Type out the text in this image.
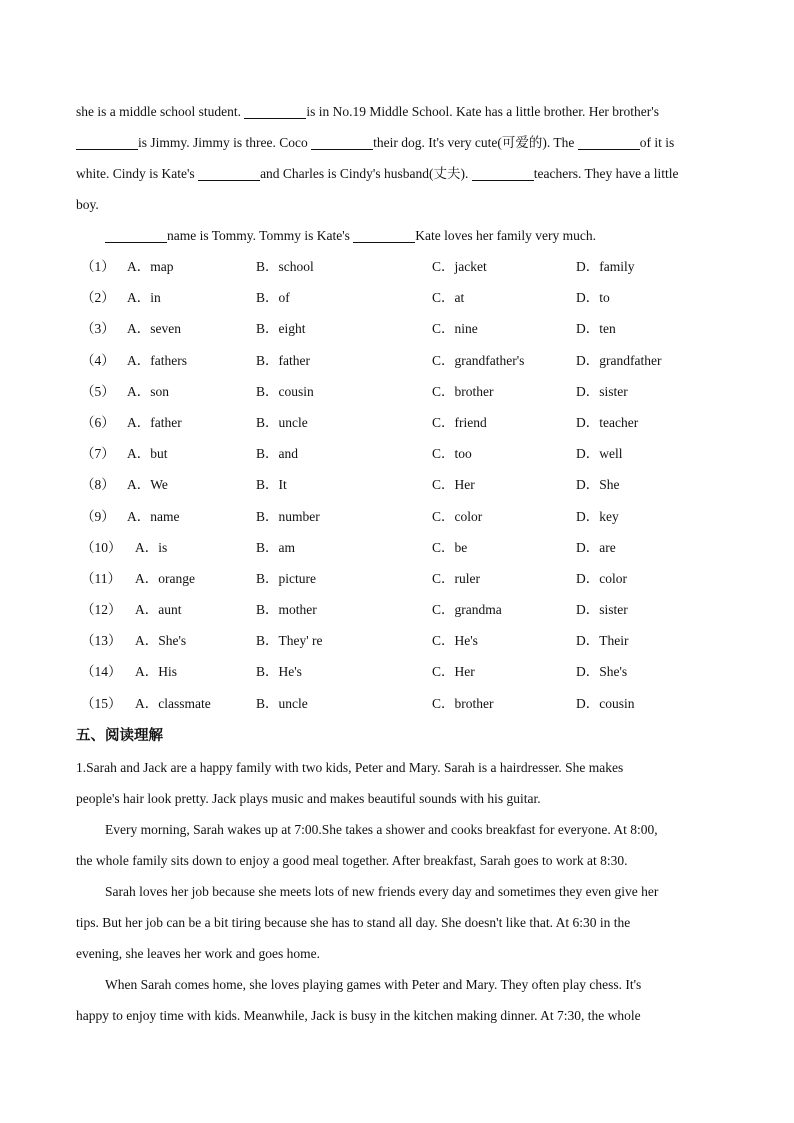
she is a middle school student.	is in No.19 Middle School. Kate has a little brother. Her brother's
is Jimmy. Jimmy is three. Coco	their dog. It's very cute(可爱的). The	of it is
white. Cindy is Kate's	and Charles is Cindy's husband(丈夫).	teachers. They have a little
boy.
name is Tommy. Tommy is Kate's	Kate loves her family very much.
（1） A．map	B．school	C．jacket	D．family
（2） A．in	B．of	C．at	D．to
（3） A．seven	B．eight	C．nine	D．ten
（4） A．fathers	B．father	C．grandfather's	D．grandfather
（5） A．son	B．cousin	C．brother	D．sister
（6） A．father	B．uncle	C．friend	D．teacher
（7） A．but	B．and	C．too	D．well
（8） A．We	B．It	C．Her	D．She
（9） A．name	B．number	C．color	D．key
（10） A．is	B．am	C．be	D．are
（11） A．orange	B．picture	C．ruler	D．color
（12） A．aunt	B．mother	C．grandma	D．sister
（13） A．She's	B．They' re	C．He's	D．Their
（14） A．His	B．He's	C．Her	D．She's
（15） A．classmate	B．uncle	C．brother	D．cousin
五、阅读理解
1.Sarah and Jack are a happy family with two kids, Peter and Mary. Sarah is a hairdresser. She makes
people's hair look pretty. Jack plays music and makes beautiful sounds with his guitar.
Every morning, Sarah wakes up at 7:00.She takes a shower and cooks breakfast for everyone. At 8:00,
the whole family sits down to enjoy a good meal together. After breakfast, Sarah goes to work at 8:30.
Sarah loves her job because she meets lots of new friends every day and sometimes they even give her
tips. But her job can be a bit tiring because she has to stand all day. She doesn't like that. At 6:30 in the
evening, she leaves her work and goes home.
When Sarah comes home, she loves playing games with Peter and Mary. They often play chess. It's
happy to enjoy time with kids. Meanwhile, Jack is busy in the kitchen making dinner. At 7:30, the whole
